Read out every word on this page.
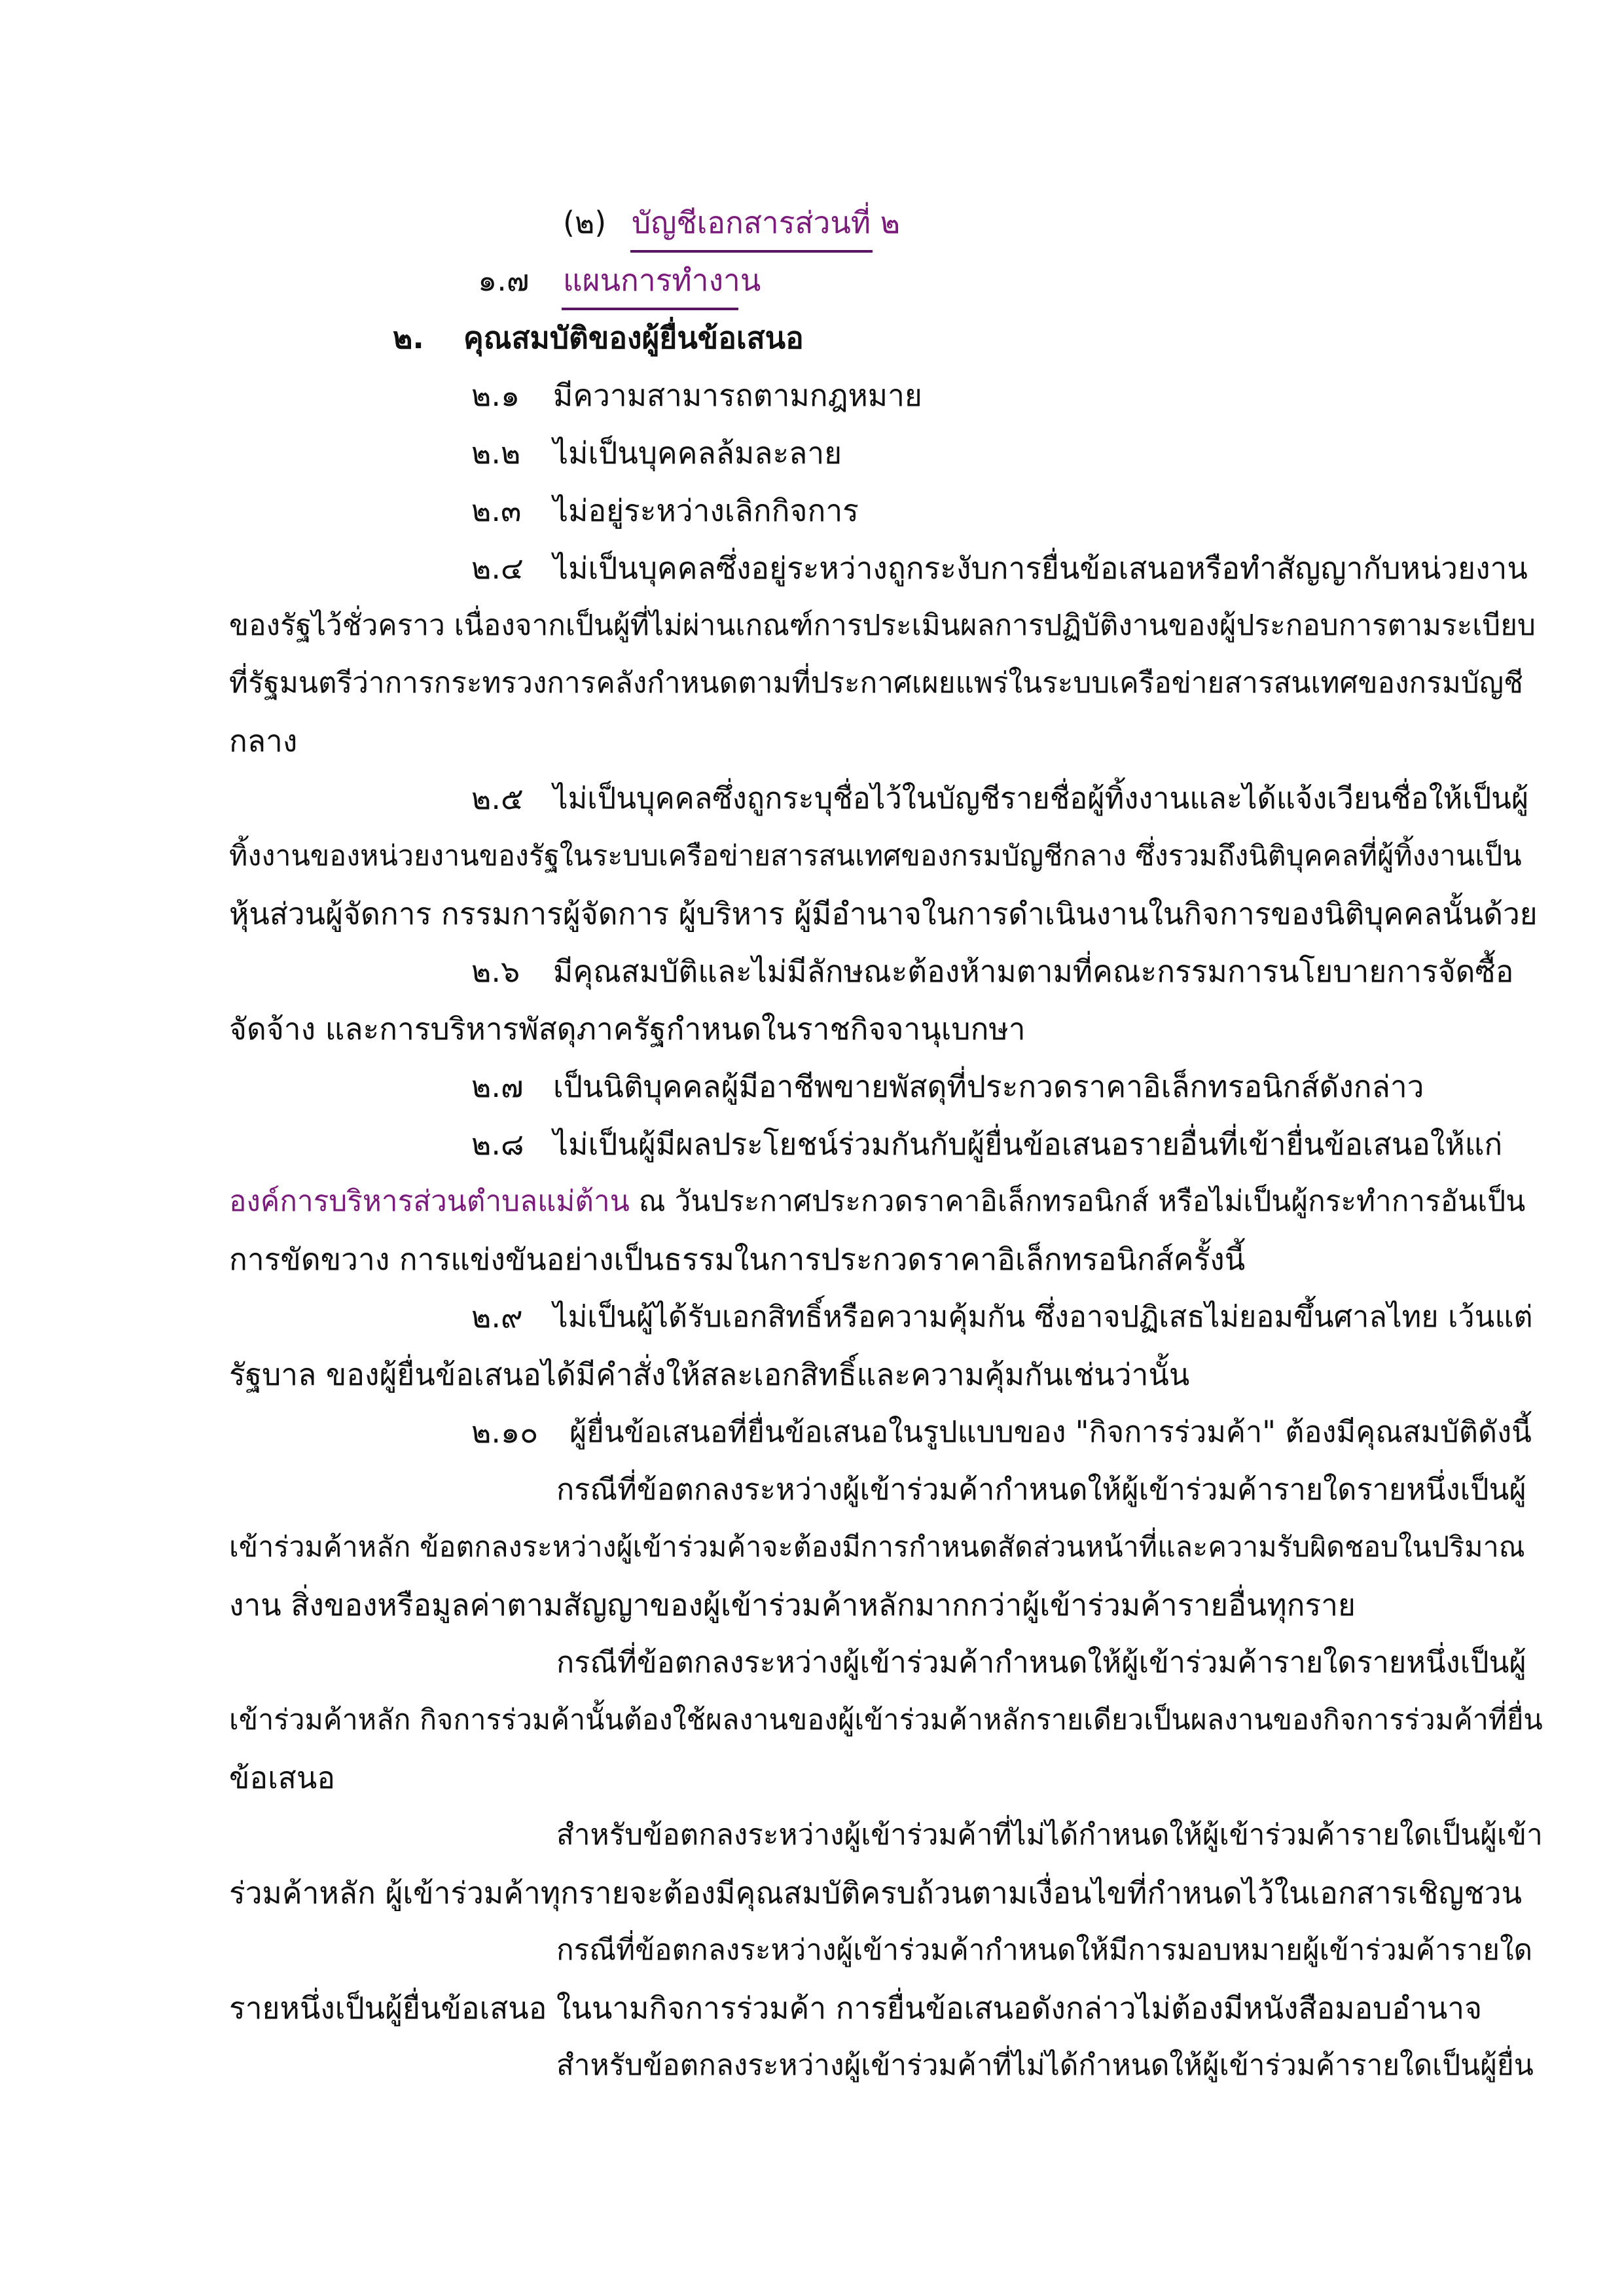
(๒) บัญชีเอกสารส่วนที่ ๒
๑.๗ แผนการทำงาน
๒. คุณสมบัติของผู้ยื่นข้อเสนอ
๒.๑ มีความสามารถตามกฎหมาย
๒.๒ ไม่เป็นบุคคลล้มละลาย
๒.๓ ไม่อยู่ระหว่างเลิกกิจการ
๒.๔ ไม่เป็นบุคคลซึ่งอยู่ระหว่างถูกระงับการยื่นข้อเสนอหรือทำสัญญากับหน่วยงาน
ของรัฐไว้ชั่วคราว เนื่องจากเป็นผู้ที่ไม่ผ่านเกณฑ์การประเมินผลการปฏิบัติงานของผู้ประกอบการตามระเบียบ
ที่รัฐมนตรีว่าการกระทรวงการคลังกำหนดตามที่ประกาศเผยแพร่ในระบบเครือข่ายสารสนเทศของกรมบัญชี
กลาง
๒.๕ ไม่เป็นบุคคลซึ่งถูกระบุชื่อไว้ในบัญชีรายชื่อผู้ทิ้งงานและได้แจ้งเวียนชื่อให้เป็นผู้
ทิ้งงานของหน่วยงานของรัฐในระบบเครือข่ายสารสนเทศของกรมบัญชีกลาง ซึ่งรวมถึงนิติบุคคลที่ผู้ทิ้งงานเป็น
หุ้นส่วนผู้จัดการ กรรมการผู้จัดการ ผู้บริหาร ผู้มีอำนาจในการดำเนินงานในกิจการของนิติบุคคลนั้นด้วย
๒.๖ มีคุณสมบัติและไม่มีลักษณะต้องห้ามตามที่คณะกรรมการนโยบายการจัดซื้อ
จัดจ้าง และการบริหารพัสดุภาครัฐกำหนดในราชกิจจานุเบกษา
๒.๗ เป็นนิติบุคคลผู้มีอาชีพขายพัสดุที่ประกวดราคาอิเล็กทรอนิกส์ดังกล่าว
๒.๘ ไม่เป็นผู้มีผลประโยชน์ร่วมกันกับผู้ยื่นข้อเสนอรายอื่นที่เข้ายื่นข้อเสนอให้แก่
องค์การบริหารส่วนตำบลแม่ต้าน ณ วันประกาศประกวดราคาอิเล็กทรอนิกส์ หรือไม่เป็นผู้กระทำการอันเป็น
การขัดขวาง การแข่งขันอย่างเป็นธรรมในการประกวดราคาอิเล็กทรอนิกส์ครั้งนี้
๒.๙ ไม่เป็นผู้ได้รับเอกสิทธิ์หรือความคุ้มกัน ซึ่งอาจปฏิเสธไม่ยอมขึ้นศาลไทย เว้นแต่
รัฐบาล ของผู้ยื่นข้อเสนอได้มีคำสั่งให้สละเอกสิทธิ์และความคุ้มกันเช่นว่านั้น
๒.๑๐ ผู้ยื่นข้อเสนอที่ยื่นข้อเสนอในรูปแบบของ "กิจการร่วมค้า" ต้องมีคุณสมบัติดังนี้
กรณีที่ข้อตกลงระหว่างผู้เข้าร่วมค้ากำหนดให้ผู้เข้าร่วมค้ารายใดรายหนึ่งเป็นผู้
เข้าร่วมค้าหลัก ข้อตกลงระหว่างผู้เข้าร่วมค้าจะต้องมีการกำหนดสัดส่วนหน้าที่และความรับผิดชอบในปริมาณ
งาน สิ่งของหรือมูลค่าตามสัญญาของผู้เข้าร่วมค้าหลักมากกว่าผู้เข้าร่วมค้ารายอื่นทุกราย
กรณีที่ข้อตกลงระหว่างผู้เข้าร่วมค้ากำหนดให้ผู้เข้าร่วมค้ารายใดรายหนึ่งเป็นผู้
เข้าร่วมค้าหลัก กิจการร่วมค้านั้นต้องใช้ผลงานของผู้เข้าร่วมค้าหลักรายเดียวเป็นผลงานของกิจการร่วมค้าที่ยื่น
ข้อเสนอ
สำหรับข้อตกลงระหว่างผู้เข้าร่วมค้าที่ไม่ได้กำหนดให้ผู้เข้าร่วมค้ารายใดเป็นผู้เข้า
ร่วมค้าหลัก ผู้เข้าร่วมค้าทุกรายจะต้องมีคุณสมบัติครบถ้วนตามเงื่อนไขที่กำหนดไว้ในเอกสารเชิญชวน
กรณีที่ข้อตกลงระหว่างผู้เข้าร่วมค้ากำหนดให้มีการมอบหมายผู้เข้าร่วมค้ารายใด
รายหนึ่งเป็นผู้ยื่นข้อเสนอ ในนามกิจการร่วมค้า การยื่นข้อเสนอดังกล่าวไม่ต้องมีหนังสือมอบอำนาจ
สำหรับข้อตกลงระหว่างผู้เข้าร่วมค้าที่ไม่ได้กำหนดให้ผู้เข้าร่วมค้ารายใดเป็นผู้ยื่น
